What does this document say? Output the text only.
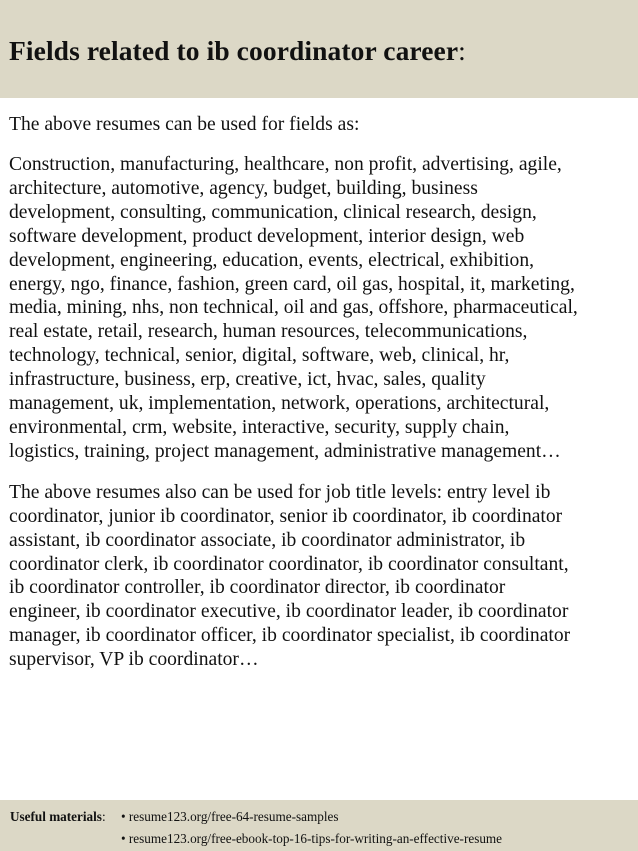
Fields related to ib coordinator career:
The above resumes can be used for fields as:
Construction, manufacturing, healthcare, non profit, advertising, agile,
architecture, automotive, agency, budget, building, business
development, consulting, communication, clinical research, design,
software development, product development, interior design, web
development, engineering, education, events, electrical, exhibition,
energy, ngo, finance, fashion, green card, oil gas, hospital, it, marketing,
media, mining, nhs, non technical, oil and gas, offshore, pharmaceutical,
real estate, retail, research, human resources, telecommunications,
technology, technical, senior, digital, software, web, clinical, hr,
infrastructure, business, erp, creative, ict, hvac, sales, quality
management, uk, implementation, network, operations, architectural,
environmental, crm, website, interactive, security, supply chain,
logistics, training, project management, administrative management…
The above resumes also can be used for job title levels: entry level ib
coordinator, junior ib coordinator, senior ib coordinator, ib coordinator
assistant, ib coordinator associate, ib coordinator administrator, ib
coordinator clerk, ib coordinator coordinator, ib coordinator consultant,
ib coordinator controller, ib coordinator director, ib coordinator
engineer, ib coordinator executive, ib coordinator leader, ib coordinator
manager, ib coordinator officer, ib coordinator specialist, ib coordinator
supervisor, VP ib coordinator…
Useful materials: • resume123.org/free-64-resume-samples
• resume123.org/free-ebook-top-16-tips-for-writing-an-effective-resume
